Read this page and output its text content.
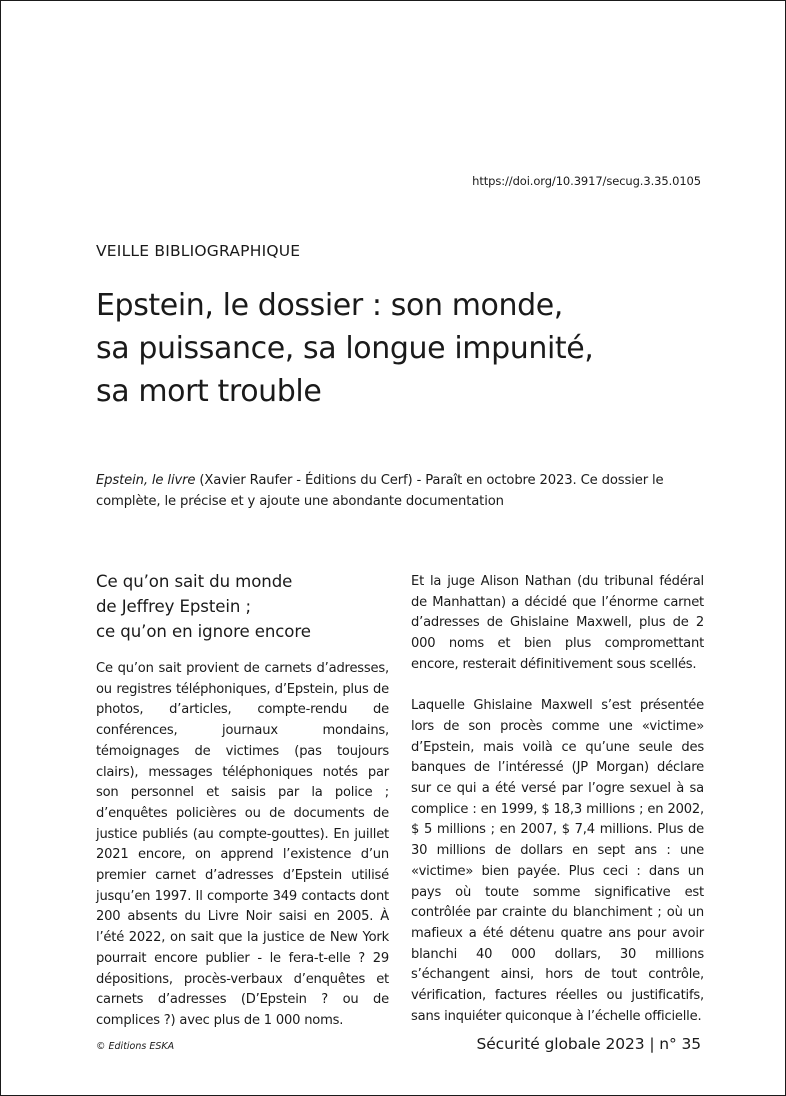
https://doi.org/10.3917/secug.3.35.0105
VEILLE BIBLIOGRAPHIQUE
Epstein, le dossier : son monde,
sa puissance, sa longue impunité,
sa mort trouble

Epstein, le livre (Xavier Raufer - Éditions du Cerf) - Paraît en octobre 2023. Ce dossier le complète, le précise et y ajoute une abondante documentation

Ce qu’on sait du monde
de Jeffrey Epstein ;
ce qu’on en ignore encore

Ce qu’on sait provient de carnets d’adresses, ou registres téléphoniques, d’Epstein, plus de photos, d’articles, compte-rendu de conférences, journaux mondains, témoignages de victimes (pas toujours clairs), messages téléphoniques notés par son personnel et saisis par la police ; d’enquêtes policières ou de documents de justice publiés (au compte-gouttes). En juillet 2021 encore, on apprend l’existence d’un premier carnet d’adresses d’Epstein utilisé jusqu’en 1997. Il comporte 349 contacts dont 200 absents du Livre Noir saisi en 2005. À l’été 2022, on sait que la justice de New York pourrait encore publier - le fera-t-elle ? 29 dépositions, procès-verbaux d’enquêtes et carnets d’adresses (D’Epstein ? ou de complices ?) avec plus de 1 000 noms.

Et la juge Alison Nathan (du tribunal fédéral de Manhattan) a décidé que l’énorme carnet d’adresses de Ghislaine Maxwell, plus de 2 000 noms et bien plus compromettant encore, resterait définitivement sous scellés.

Laquelle Ghislaine Maxwell s’est présentée lors de son procès comme une «victime» d’Epstein, mais voilà ce qu’une seule des banques de l’intéressé (JP Morgan) déclare sur ce qui a été versé par l’ogre sexuel à sa complice : en 1999, $ 18,3 millions ; en 2002, $ 5 millions ; en 2007, $ 7,4 millions. Plus de 30 millions de dollars en sept ans : une «victime» bien payée. Plus ceci : dans un pays où toute somme significative est contrôlée par crainte du blanchiment ; où un mafieux a été détenu quatre ans pour avoir blanchi 40 000 dollars, 30 millions s’échangent ainsi, hors de tout contrôle, vérification, factures réelles ou justificatifs, sans inquiéter quiconque à l’échelle officielle.

© Editions ESKA	Sécurité globale 2023 | n° 35
